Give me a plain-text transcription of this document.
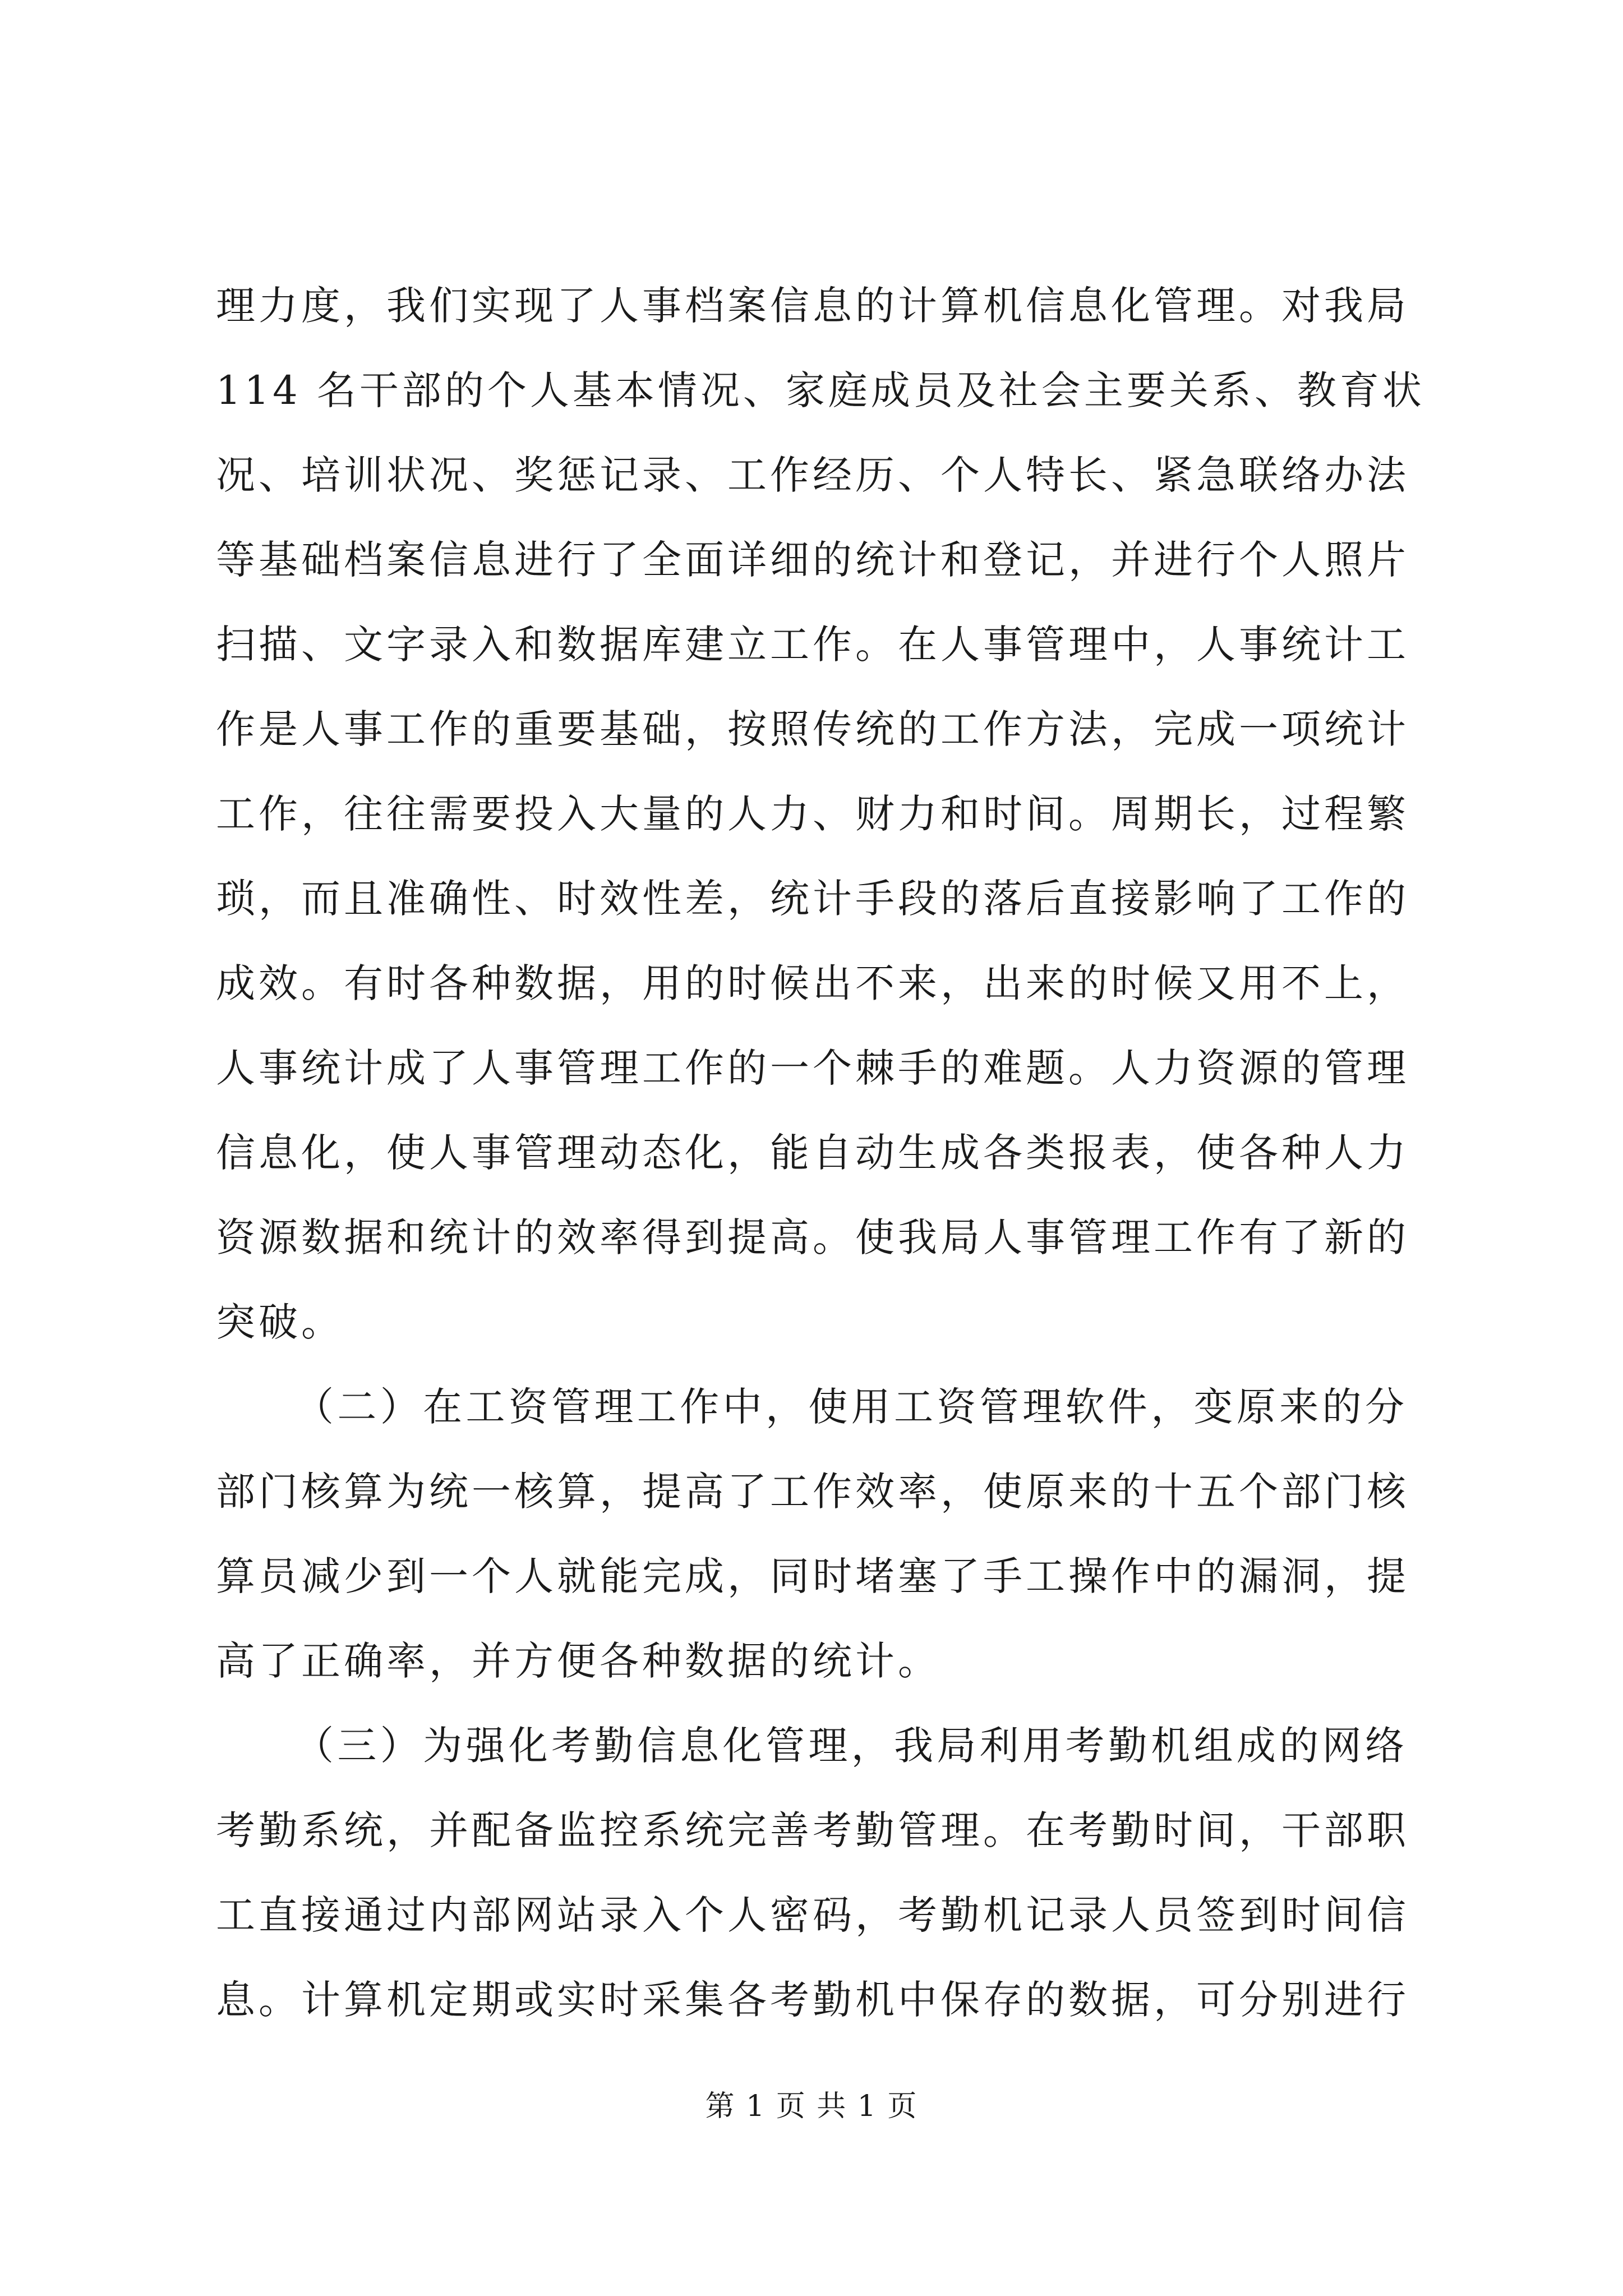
理力度，我们实现了人事档案信息的计算机信息化管理。对我局
114 名干部的个人基本情况、家庭成员及社会主要关系、教育状
况、培训状况、奖惩记录、工作经历、个人特长、紧急联络办法
等基础档案信息进行了全面详细的统计和登记，并进行个人照片
扫描、文字录入和数据库建立工作。在人事管理中，人事统计工
作是人事工作的重要基础，按照传统的工作方法，完成一项统计
工作，往往需要投入大量的人力、财力和时间。周期长，过程繁
琐，而且准确性、时效性差，统计手段的落后直接影响了工作的
成效。有时各种数据，用的时候出不来，出来的时候又用不上，
人事统计成了人事管理工作的一个棘手的难题。人力资源的管理
信息化，使人事管理动态化，能自动生成各类报表，使各种人力
资源数据和统计的效率得到提高。使我局人事管理工作有了新的
突破。
（二）在工资管理工作中，使用工资管理软件，变原来的分
部门核算为统一核算，提高了工作效率，使原来的十五个部门核
算员减少到一个人就能完成，同时堵塞了手工操作中的漏洞，提
高了正确率，并方便各种数据的统计。
（三）为强化考勤信息化管理，我局利用考勤机组成的网络
考勤系统，并配备监控系统完善考勤管理。在考勤时间，干部职
工直接通过内部网站录入个人密码，考勤机记录人员签到时间信
息。计算机定期或实时采集各考勤机中保存的数据，可分别进行
第 1 页 共 1 页
